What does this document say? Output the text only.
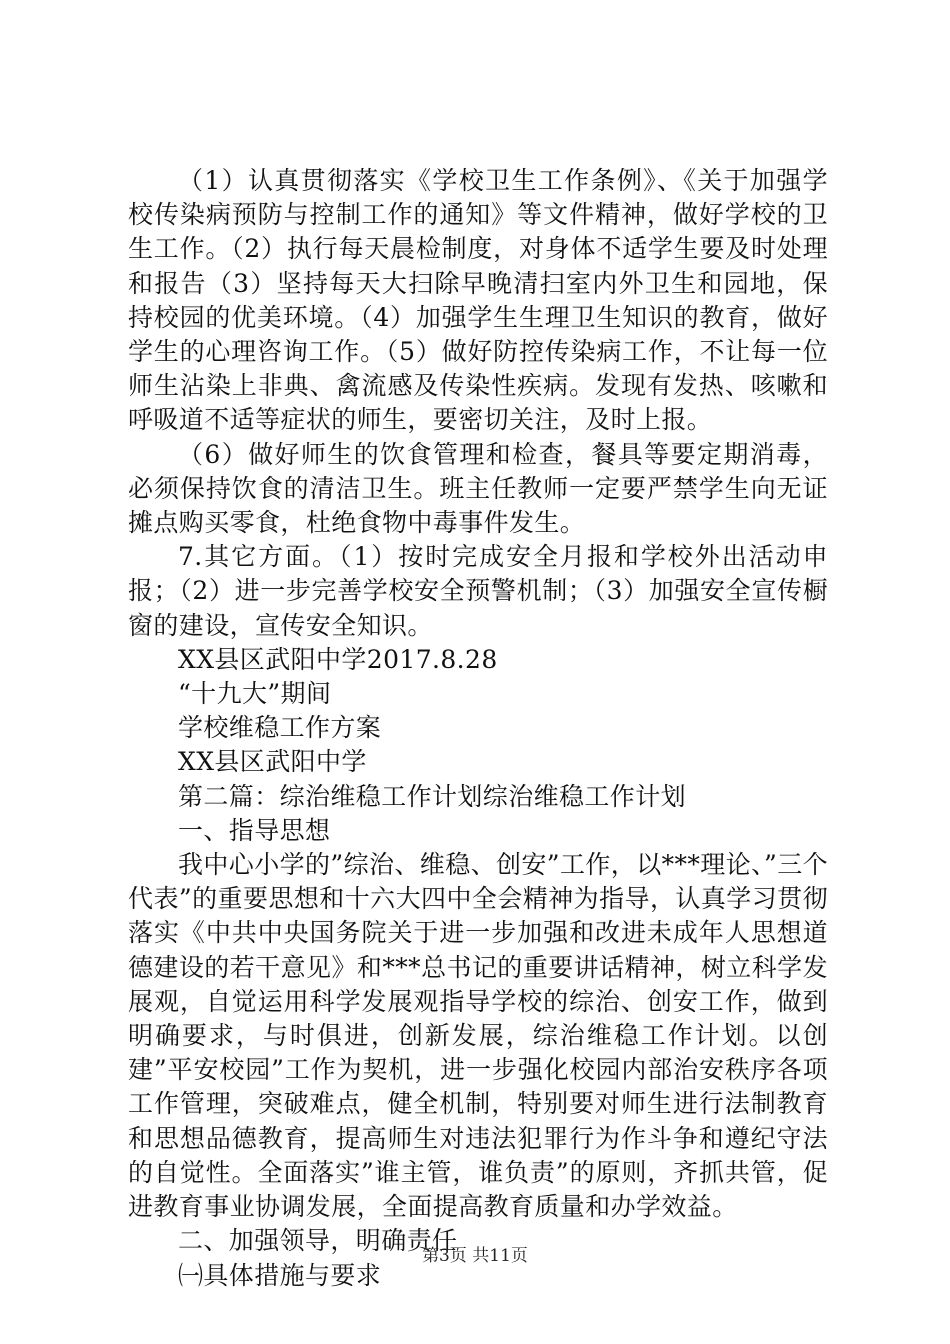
（1）认真贯彻落实《学校卫生工作条例》、《关于加强学校传染病预防与控制工作的通知》等文件精神，做好学校的卫生工作。（2）执行每天晨检制度，对身体不适学生要及时处理和报告（3）坚持每天大扫除早晚清扫室内外卫生和园地，保持校园的优美环境。（4）加强学生生理卫生知识的教育，做好学生的心理咨询工作。（5）做好防控传染病工作，不让每一位师生沾染上非典、禽流感及传染性疾病。发现有发热、咳嗽和呼吸道不适等症状的师生，要密切关注，及时上报。

（6）做好师生的饮食管理和检查，餐具等要定期消毒，必须保持饮食的清洁卫生。班主任教师一定要严禁学生向无证摊点购买零食，杜绝食物中毒事件发生。

7.其它方面。（1）按时完成安全月报和学校外出活动申报；（2）进一步完善学校安全预警机制；（3）加强安全宣传橱窗的建设，宣传安全知识。

XX县区武阳中学2017.8.28

“十九大”期间

学校维稳工作方案

XX县区武阳中学

第二篇：综治维稳工作计划综治维稳工作计划

一、指导思想

我中心小学的”综治、维稳、创安”工作，以***理论、”三个代表”的重要思想和十六大四中全会精神为指导，认真学习贯彻落实《中共中央国务院关于进一步加强和改进未成年人思想道德建设的若干意见》和***总书记的重要讲话精神，树立科学发展观，自觉运用科学发展观指导学校的综治、创安工作，做到明确要求，与时俱进，创新发展，综治维稳工作计划。以创建”平安校园”工作为契机，进一步强化校园内部治安秩序各项工作管理，突破难点，健全机制，特别要对师生进行法制教育和思想品德教育，提高师生对违法犯罪行为作斗争和遵纪守法的自觉性。全面落实”谁主管，谁负责”的原则，齐抓共管，促进教育事业协调发展，全面提高教育质量和办学效益。

二、加强领导，明确责任

㈠具体措施与要求

第3页 共11页
